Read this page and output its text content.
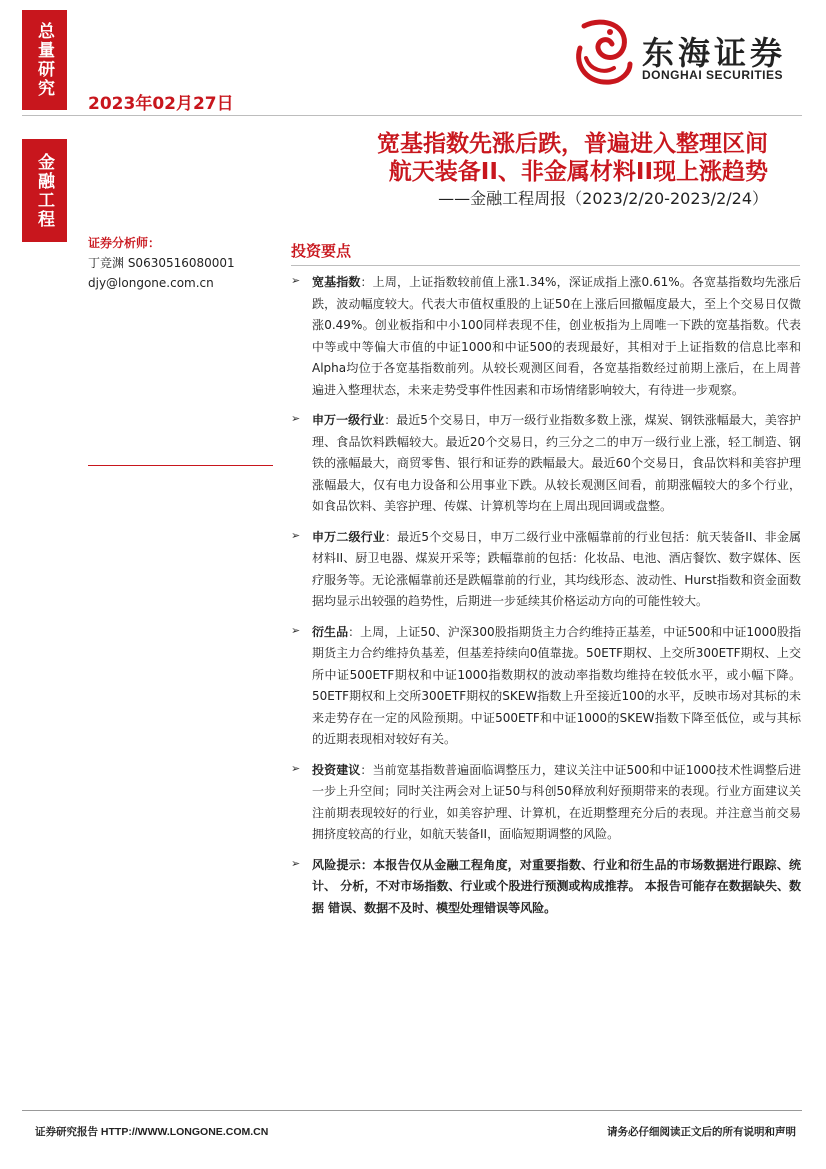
总量研究
金融工程
2023年02月27日
东海证券
DONGHAI SECURITIES
宽基指数先涨后跌，普遍进入整理区间
航天装备II、非金属材料II现上涨趋势
——金融工程周报（2023/2/20-2023/2/24）
证券分析师：
丁竞渊 S0630516080001
djy@longone.com.cn
投资要点
➢ 宽基指数：上周，上证指数较前值上涨1.34%，深证成指上涨0.61%。各宽基指数均先涨后跌，波动幅度较大。代表大市值权重股的上证50在上涨后回撤幅度最大，至上个交易日仅微涨0.49%。创业板指和中小100同样表现不佳，创业板指为上周唯一下跌的宽基指数。代表中等或中等偏大市值的中证1000和中证500的表现最好，其相对于上证指数的信息比率和Alpha均位于各宽基指数前列。从较长观测区间看，各宽基指数经过前期上涨后，在上周普遍进入整理状态，未来走势受事件性因素和市场情绪影响较大，有待进一步观察。

➢ 申万一级行业：最近5个交易日，申万一级行业指数多数上涨，煤炭、钢铁涨幅最大，美容护理、食品饮料跌幅较大。最近20个交易日，约三分之二的申万一级行业上涨，轻工制造、钢铁的涨幅最大，商贸零售、银行和证券的跌幅最大。最近60个交易日，食品饮料和美容护理涨幅最大，仅有电力设备和公用事业下跌。从较长观测区间看，前期涨幅较大的多个行业，如食品饮料、美容护理、传媒、计算机等均在上周出现回调或盘整。

➢ 申万二级行业：最近5个交易日，申万二级行业中涨幅靠前的行业包括：航天装备II、非金属材料II、厨卫电器、煤炭开采等；跌幅靠前的包括：化妆品、电池、酒店餐饮、数字媒体、医疗服务等。无论涨幅靠前还是跌幅靠前的行业，其均线形态、波动性、Hurst指数和资金面数据均显示出较强的趋势性，后期进一步延续其价格运动方向的可能性较大。

➢ 衍生品：上周，上证50、沪深300股指期货主力合约维持正基差，中证500和中证1000股指期货主力合约维持负基差，但基差持续向0值靠拢。50ETF期权、上交所300ETF期权、上交所中证500ETF期权和中证1000指数期权的波动率指数均维持在较低水平，或小幅下降。50ETF期权和上交所300ETF期权的SKEW指数上升至接近100的水平，反映市场对其标的未来走势存在一定的风险预期。中证500ETF和中证1000的SKEW指数下降至低位，或与其标的近期表现相对较好有关。

➢ 投资建议：当前宽基指数普遍面临调整压力，建议关注中证500和中证1000技术性调整后进一步上升空间；同时关注两会对上证50与科创50释放利好预期带来的表现。行业方面建议关注前期表现较好的行业，如美容护理、计算机，在近期整理充分后的表现。并注意当前交易拥挤度较高的行业，如航天装备II，面临短期调整的风险。

➢ 风险提示：本报告仅从金融工程角度，对重要指数、行业和衍生品的市场数据进行跟踪、统计、 分析，不对市场指数、行业或个股进行预测或构成推荐。 本报告可能存在数据缺失、数据 错误、数据不及时、模型处理错误等风险。

证券研究报告 HTTP://WWW.LONGONE.COM.CN	请务必仔细阅读正文后的所有说明和声明
